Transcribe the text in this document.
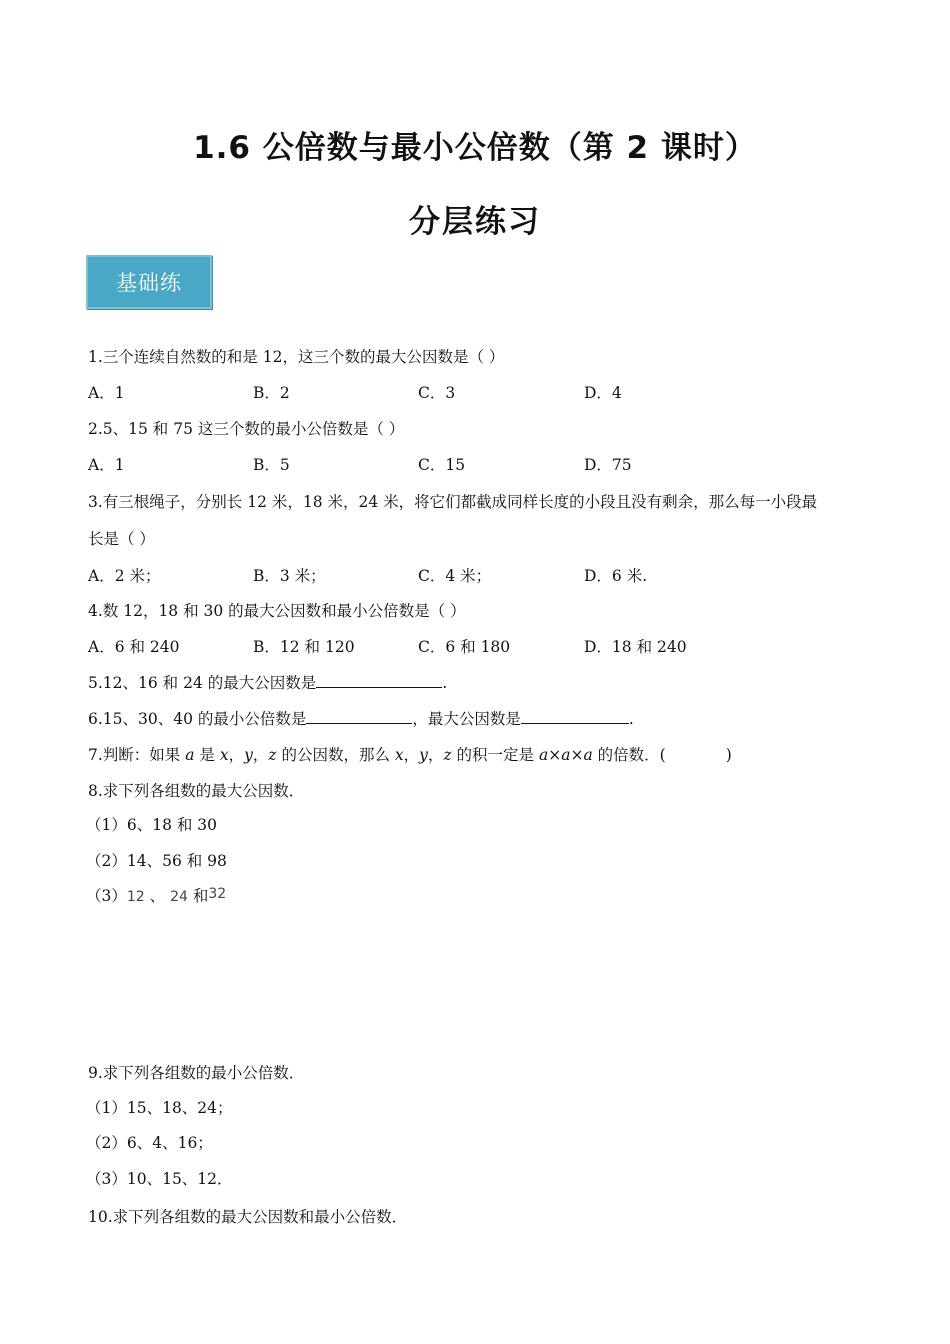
1.6 公倍数与最小公倍数（第 2 课时）
分层练习
基础练
1.三个连续自然数的和是 12，这三个数的最大公因数是（ ）
A．1	B．2	C．3	D．4
2.5、15 和 75 这三个数的最小公倍数是（ ）
A．1	B．5	C．15	D．75
3.有三根绳子，分别长 12 米，18 米，24 米，将它们都截成同样长度的小段且没有剩余，那么每一小段最
长是（ ）
A．2 米；	B．3 米；	C．4 米；	D．6 米.
4.数 12，18 和 30 的最大公因数和最小公倍数是（ ）
A．6 和 240	B．12 和 120	C．6 和 180	D．18 和 240
5.12、16 和 24 的最大公因数是	.
6.15、30、40 的最小公倍数是	，最大公因数是	.
7.判断：如果 a 是 x，y，z 的公因数，那么 x，y，z 的积一定是 a×a×a 的倍数．(	)
8.求下列各组数的最大公因数．
（1）6、18 和 30
（2）14、56 和 98
（3）12 、 24 和32
9.求下列各组数的最小公倍数．
（1）15、18、24；
（2）6、4、16；
（3）10、15、12．
10.求下列各组数的最大公因数和最小公倍数．
